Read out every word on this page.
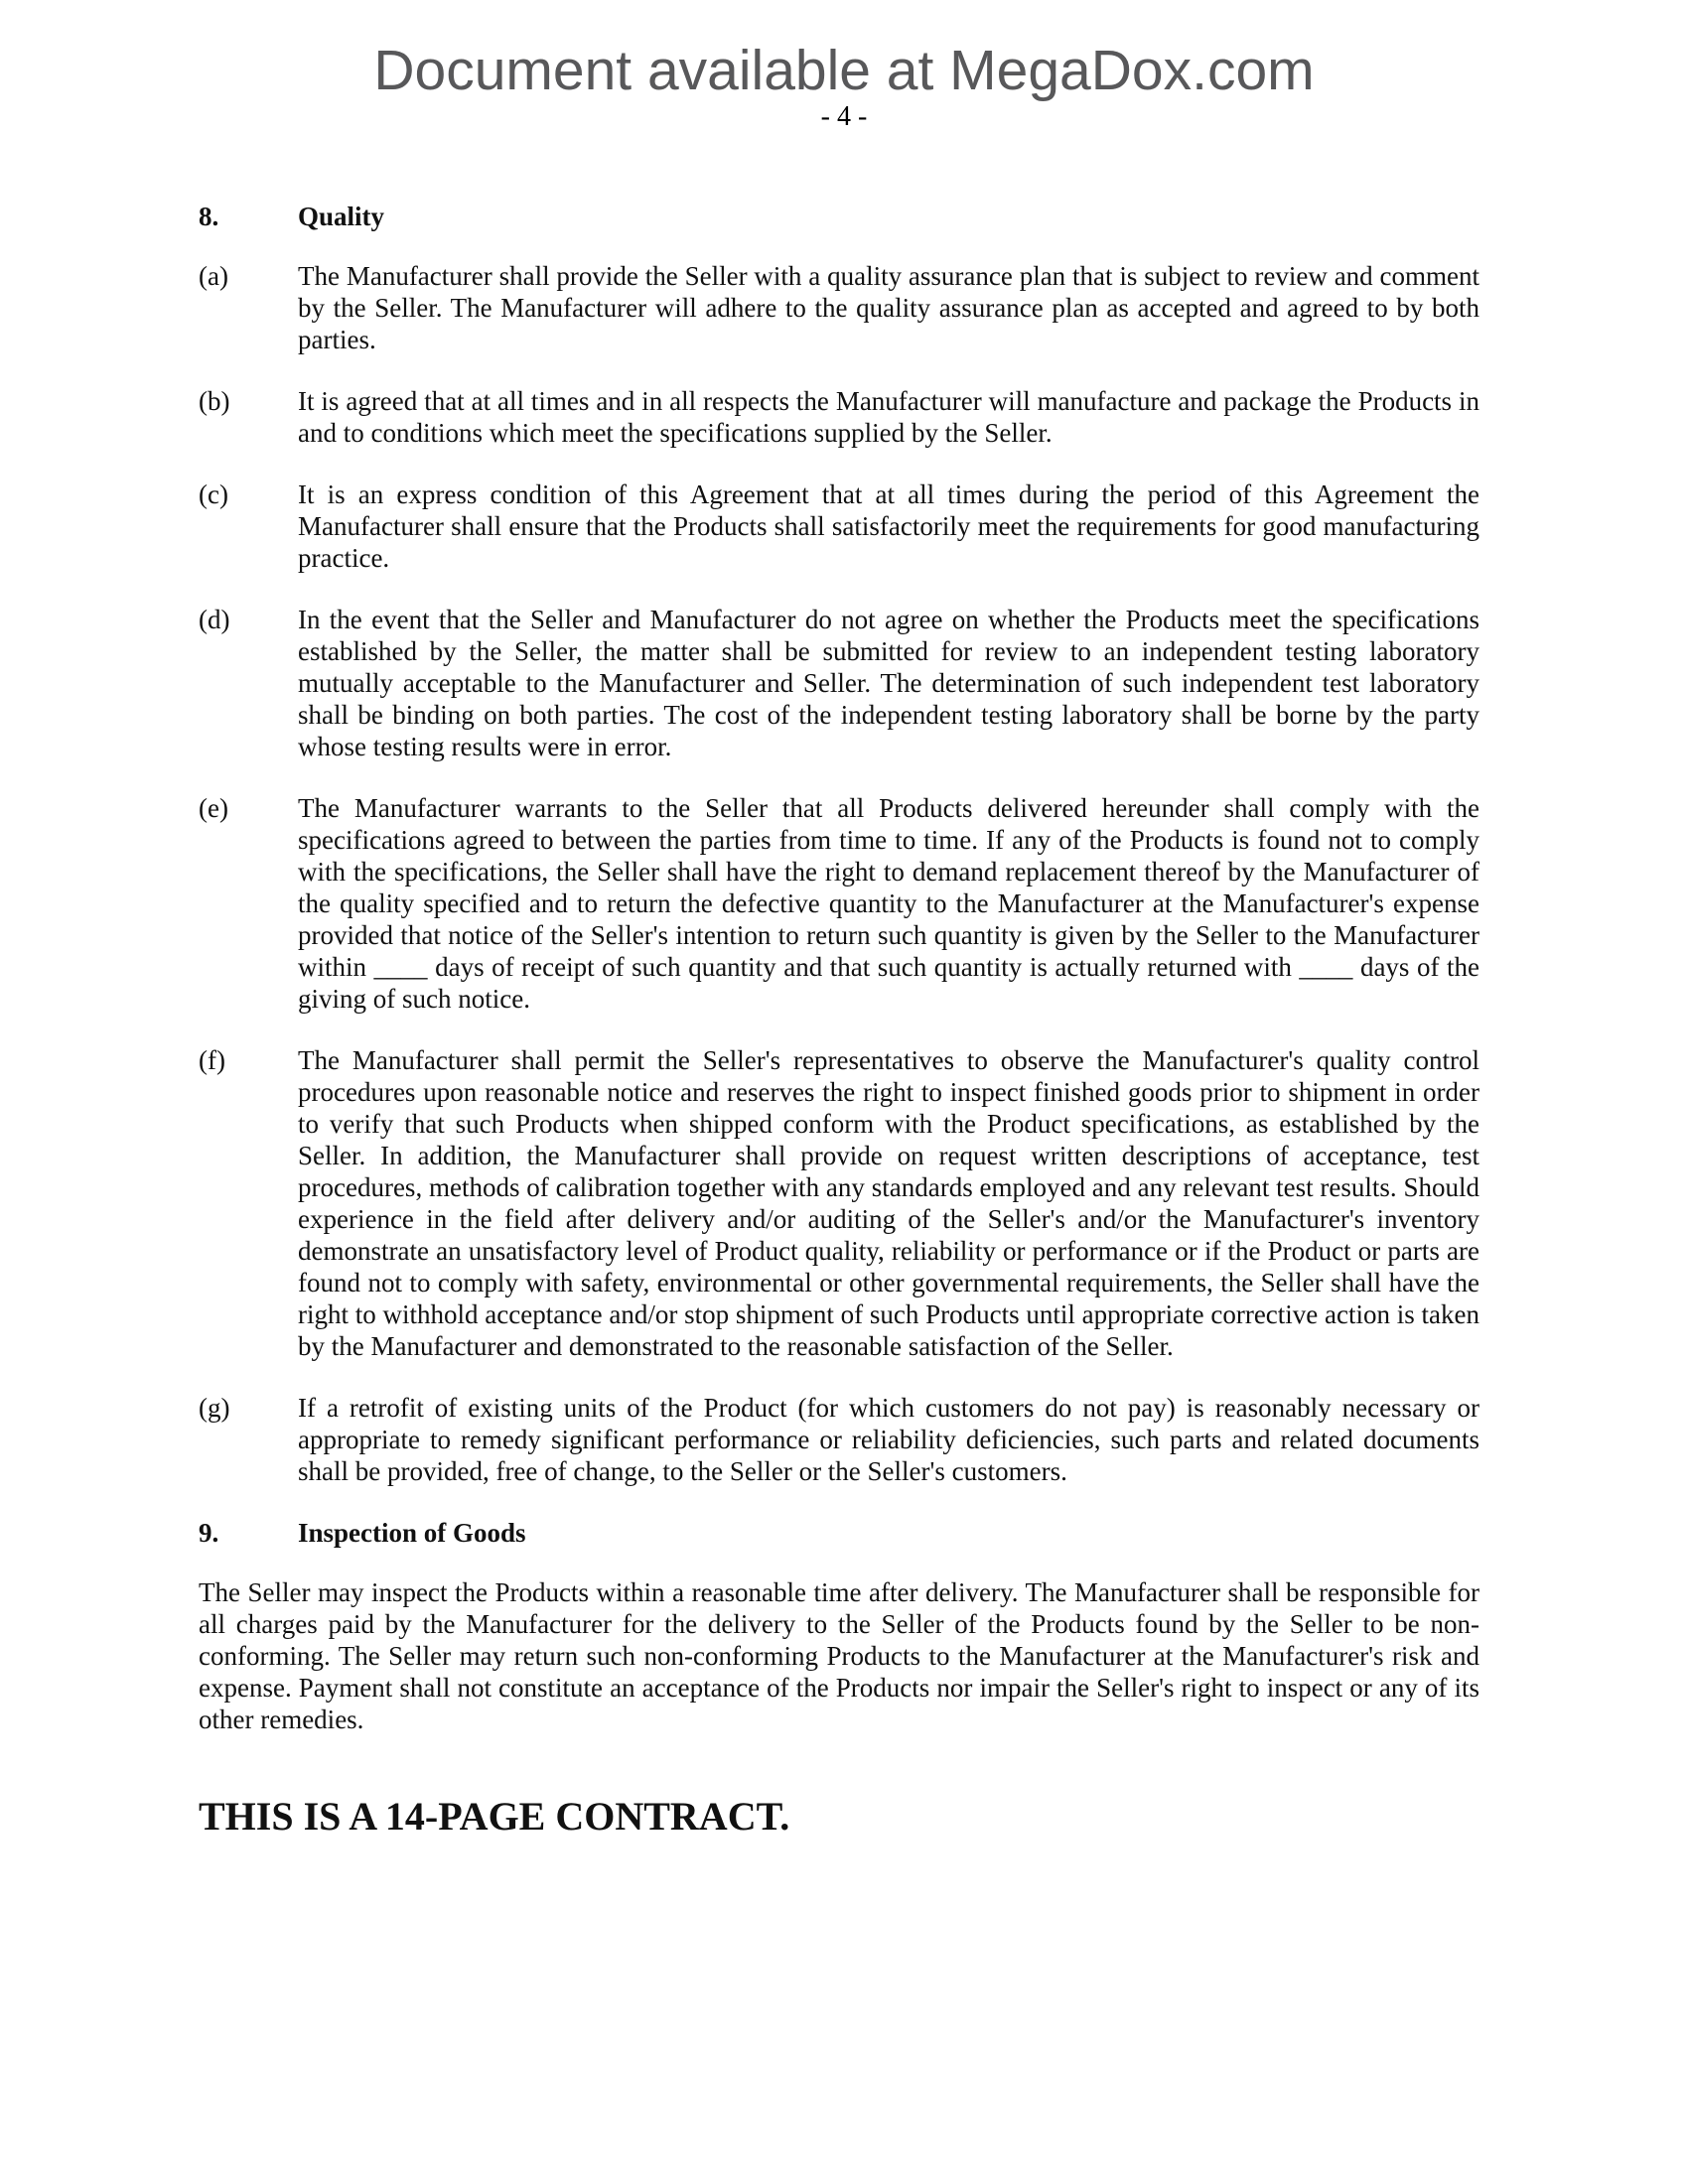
Document available at MegaDox.com
- 4 -
8.	Quality
(a)	The Manufacturer shall provide the Seller with a quality assurance plan that is subject to review and comment by the Seller. The Manufacturer will adhere to the quality assurance plan as accepted and agreed to by both parties.
(b)	It is agreed that at all times and in all respects the Manufacturer will manufacture and package the Products in and to conditions which meet the specifications supplied by the Seller.
(c)	It is an express condition of this Agreement that at all times during the period of this Agreement the Manufacturer shall ensure that the Products shall satisfactorily meet the requirements for good manufacturing practice.
(d)	In the event that the Seller and Manufacturer do not agree on whether the Products meet the specifications established by the Seller, the matter shall be submitted for review to an independent testing laboratory mutually acceptable to the Manufacturer and Seller. The determination of such independent test laboratory shall be binding on both parties. The cost of the independent testing laboratory shall be borne by the party whose testing results were in error.
(e)	The Manufacturer warrants to the Seller that all Products delivered hereunder shall comply with the specifications agreed to between the parties from time to time. If any of the Products is found not to comply with the specifications, the Seller shall have the right to demand replacement thereof by the Manufacturer of the quality specified and to return the defective quantity to the Manufacturer at the Manufacturer's expense provided that notice of the Seller's intention to return such quantity is given by the Seller to the Manufacturer within ____ days of receipt of such quantity and that such quantity is actually returned with ____ days of the giving of such notice.
(f)	The Manufacturer shall permit the Seller's representatives to observe the Manufacturer's quality control procedures upon reasonable notice and reserves the right to inspect finished goods prior to shipment in order to verify that such Products when shipped conform with the Product specifications, as established by the Seller. In addition, the Manufacturer shall provide on request written descriptions of acceptance, test procedures, methods of calibration together with any standards employed and any relevant test results. Should experience in the field after delivery and/or auditing of the Seller's and/or the Manufacturer's inventory demonstrate an unsatisfactory level of Product quality, reliability or performance or if the Product or parts are found not to comply with safety, environmental or other governmental requirements, the Seller shall have the right to withhold acceptance and/or stop shipment of such Products until appropriate corrective action is taken by the Manufacturer and demonstrated to the reasonable satisfaction of the Seller.
(g)	If a retrofit of existing units of the Product (for which customers do not pay) is reasonably necessary or appropriate to remedy significant performance or reliability deficiencies, such parts and related documents shall be provided, free of change, to the Seller or the Seller's customers.
9.	Inspection of Goods

The Seller may inspect the Products within a reasonable time after delivery. The Manufacturer shall be responsible for all charges paid by the Manufacturer for the delivery to the Seller of the Products found by the Seller to be non-conforming. The Seller may return such non-conforming Products to the Manufacturer at the Manufacturer's risk and expense. Payment shall not constitute an acceptance of the Products nor impair the Seller's right to inspect or any of its other remedies.

THIS IS A 14-PAGE CONTRACT.
